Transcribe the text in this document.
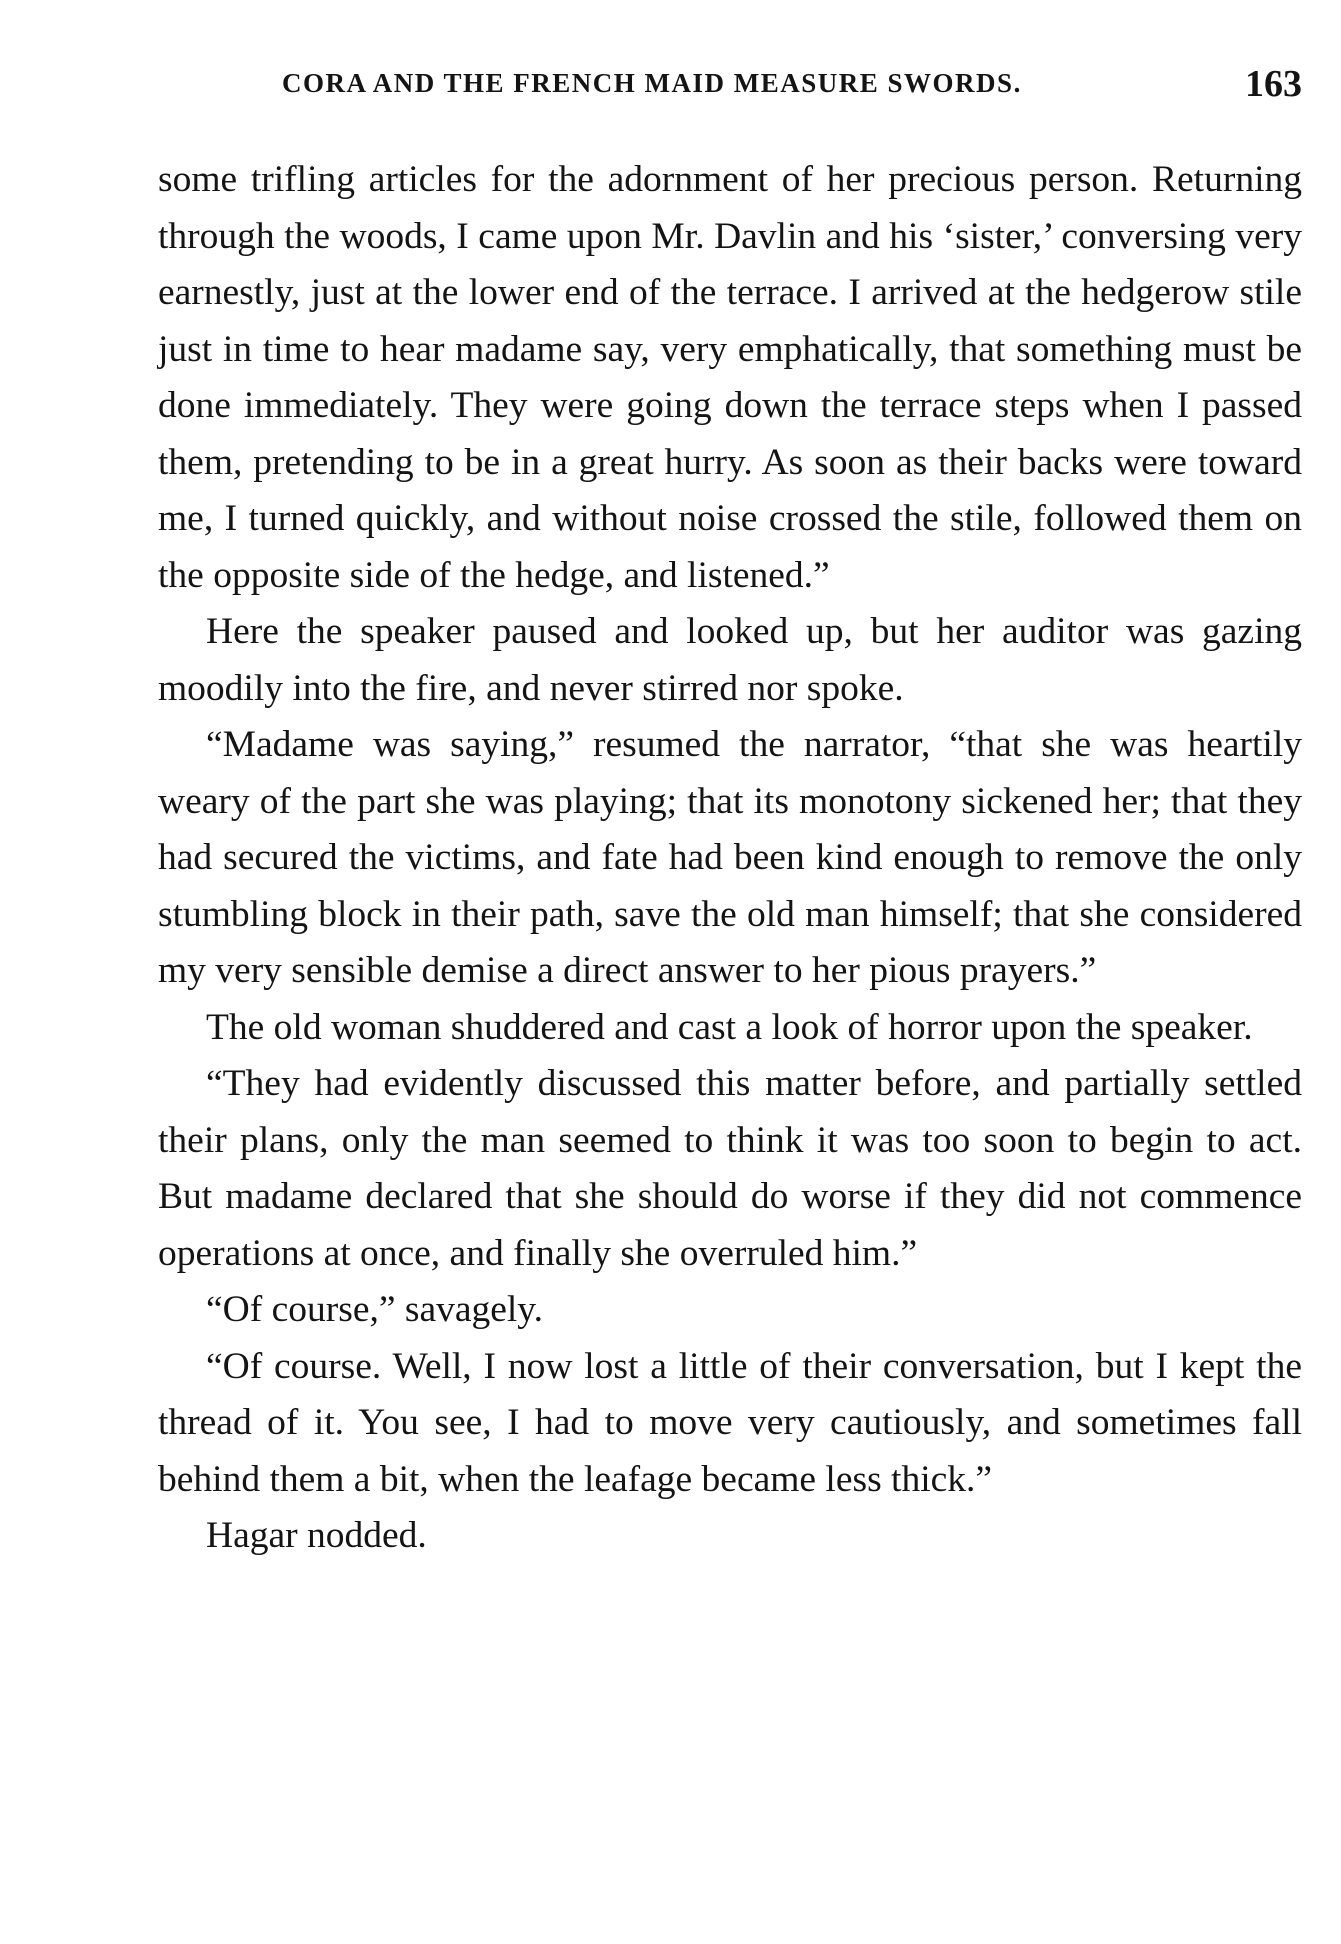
CORA AND THE FRENCH MAID MEASURE SWORDS.	163

some trifling articles for the adornment of her precious person. Returning through the woods, I came upon Mr. Davlin and his ‘sister,’ conversing very earnestly, just at the lower end of the terrace. I arrived at the hedgerow stile just in time to hear madame say, very emphatically, that something must be done immediately. They were going down the terrace steps when I passed them, pretending to be in a great hurry. As soon as their backs were toward me, I turned quickly, and without noise crossed the stile, followed them on the opposite side of the hedge, and listened.”

Here the speaker paused and looked up, but her auditor was gazing moodily into the fire, and never stirred nor spoke.

“Madame was saying,” resumed the narrator, “that she was heartily weary of the part she was playing; that its monotony sickened her; that they had secured the victims, and fate had been kind enough to remove the only stumbling block in their path, save the old man himself; that she considered my very sensible demise a direct answer to her pious prayers.”

The old woman shuddered and cast a look of horror upon the speaker.

“They had evidently discussed this matter before, and partially settled their plans, only the man seemed to think it was too soon to begin to act. But madame declared that she should do worse if they did not commence operations at once, and finally she overruled him.”

“Of course,” savagely.

“Of course. Well, I now lost a little of their conversation, but I kept the thread of it. You see, I had to move very cautiously, and sometimes fall behind them a bit, when the leafage became less thick.”

Hagar nodded.
